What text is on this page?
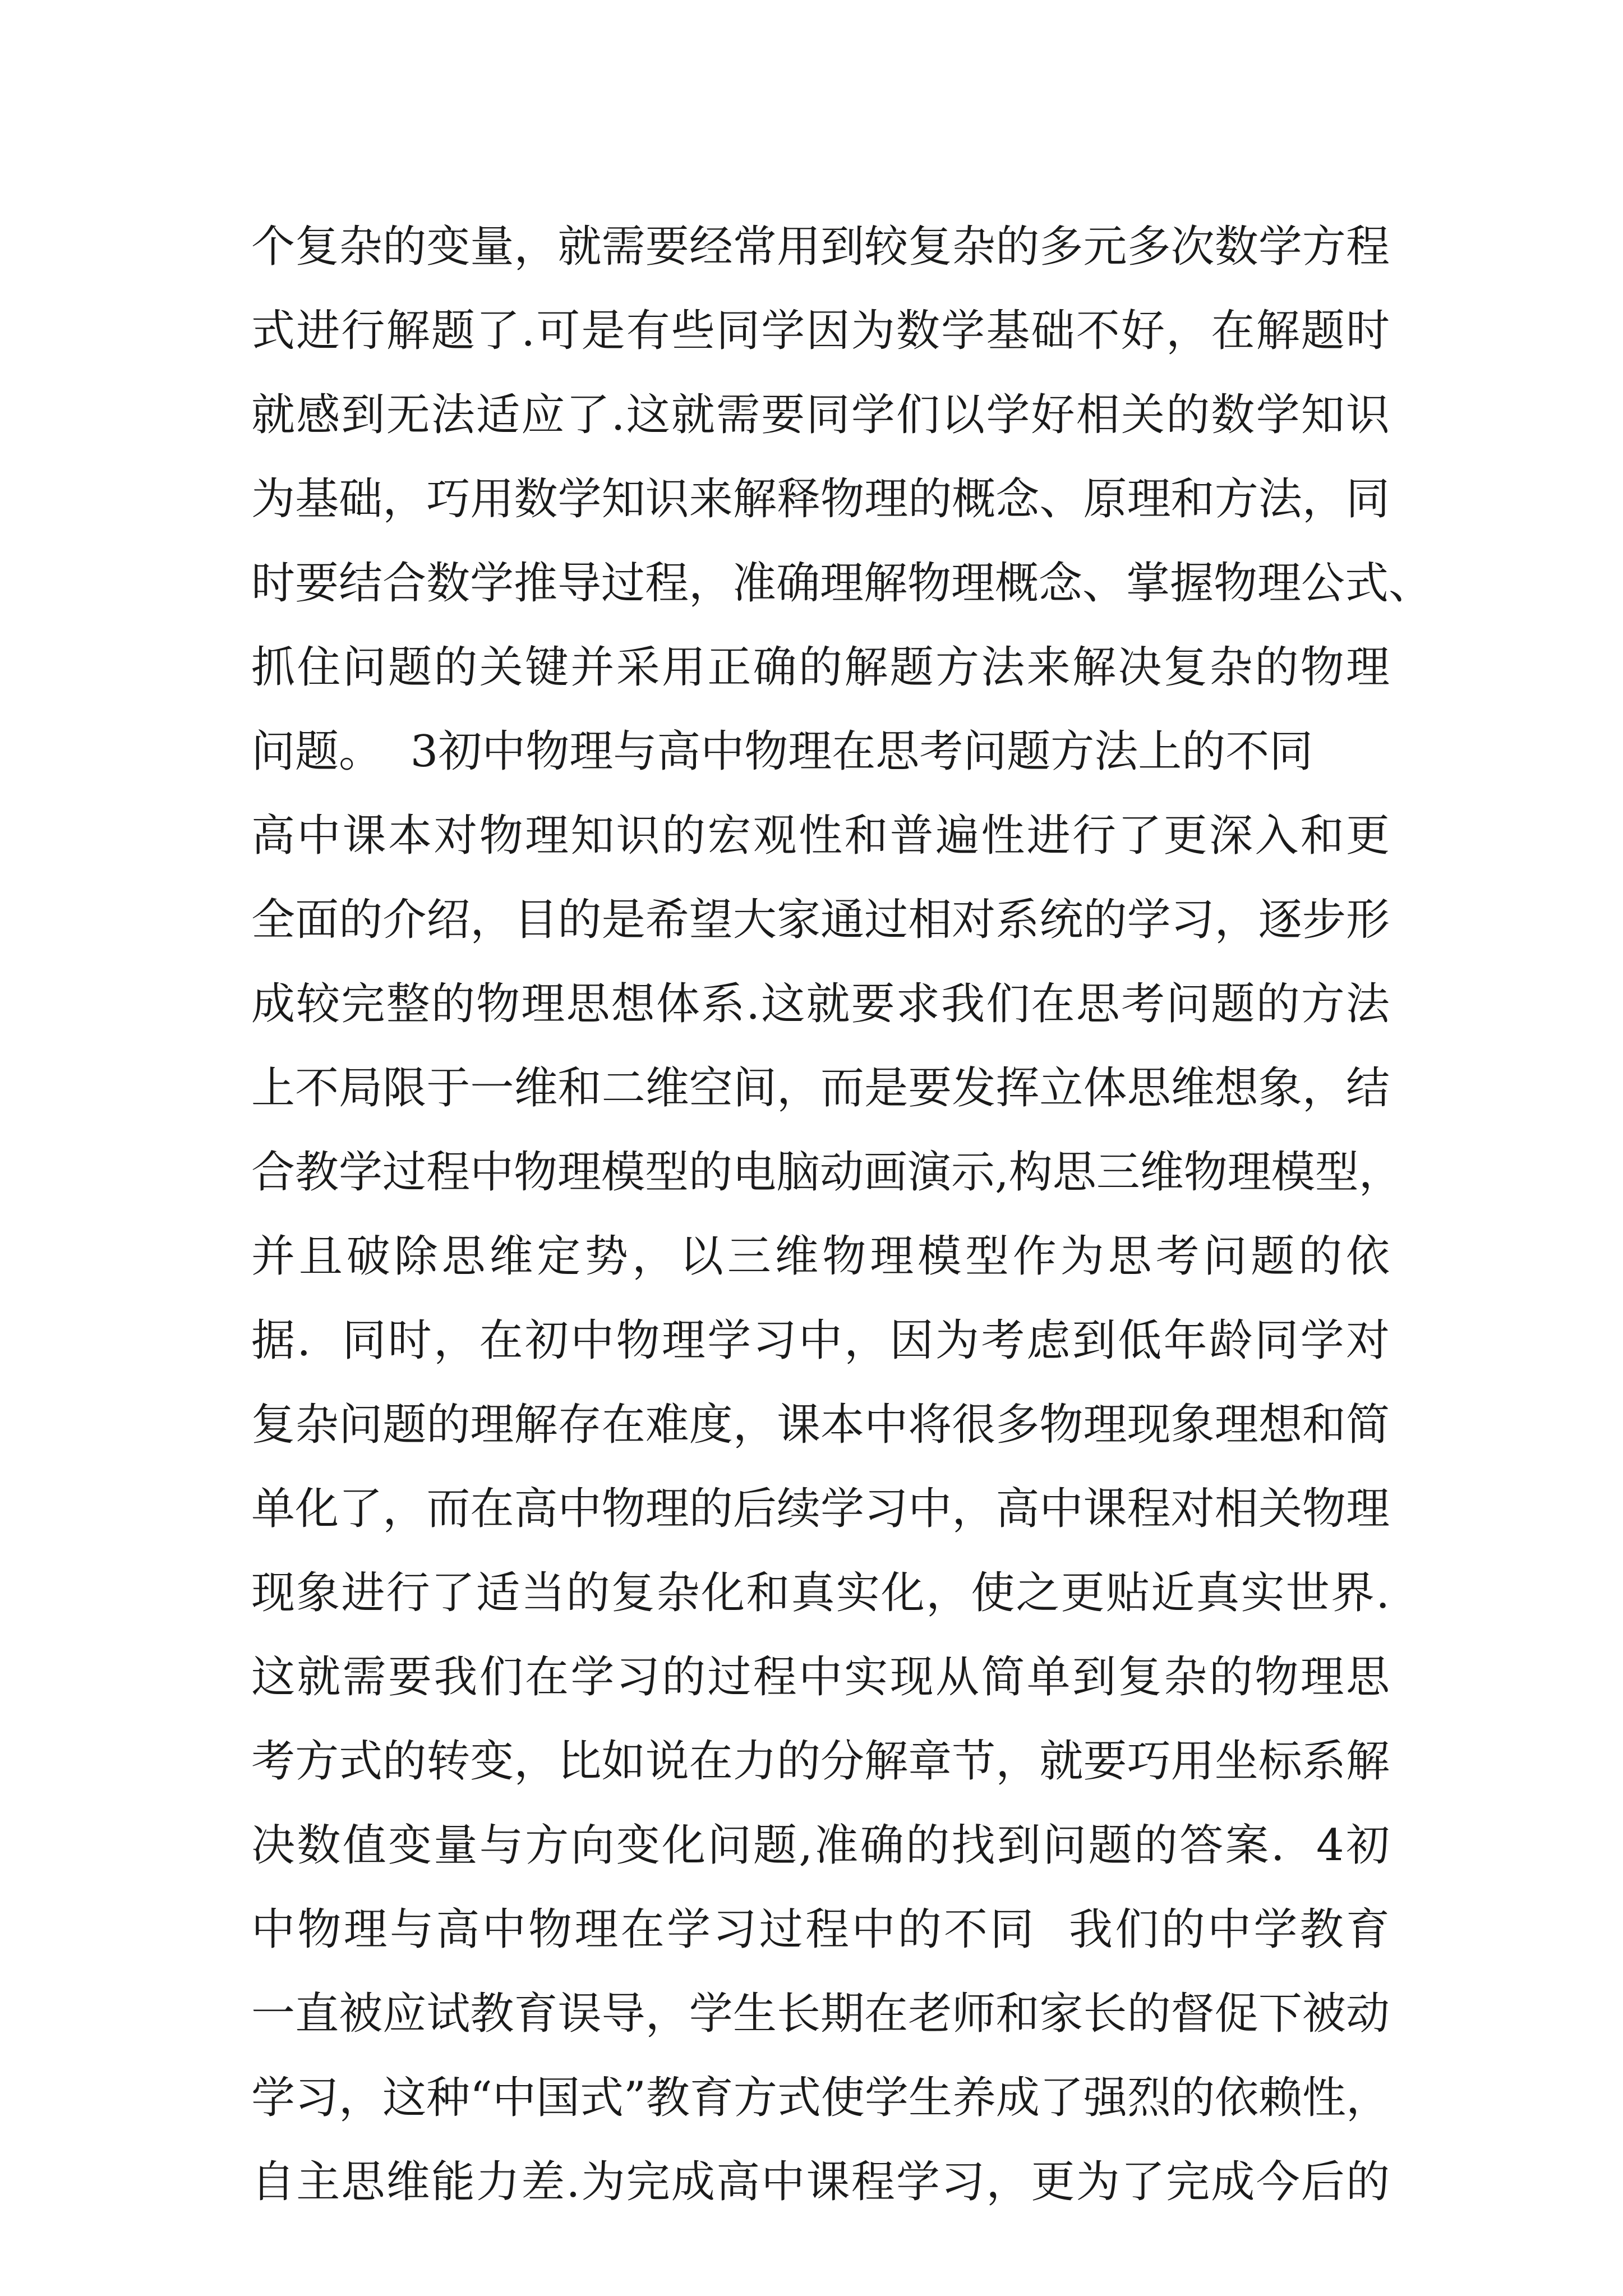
个复杂的变量，就需要经常用到较复杂的多元多次数学方程
式进行解题了.可是有些同学因为数学基础不好，在解题时
就感到无法适应了.这就需要同学们以学好相关的数学知识
为基础，巧用数学知识来解释物理的概念、原理和方法，同
时要结合数学推导过程，准确理解物理概念、掌握物理公式、
抓住问题的关键并采用正确的解题方法来解决复杂的物理
问题。  3初中物理与高中物理在思考问题方法上的不同
高中课本对物理知识的宏观性和普遍性进行了更深入和更
全面的介绍，目的是希望大家通过相对系统的学习，逐步形
成较完整的物理思想体系.这就要求我们在思考问题的方法
上不局限于一维和二维空间，而是要发挥立体思维想象，结
合教学过程中物理模型的电脑动画演示,构思三维物理模型，
并且破除思维定势，以三维物理模型作为思考问题的依
据.  同时，在初中物理学习中，因为考虑到低年龄同学对
复杂问题的理解存在难度，课本中将很多物理现象理想和简
单化了，而在高中物理的后续学习中，高中课程对相关物理
现象进行了适当的复杂化和真实化，使之更贴近真实世界.
这就需要我们在学习的过程中实现从简单到复杂的物理思
考方式的转变，比如说在力的分解章节，就要巧用坐标系解
决数值变量与方向变化问题,准确的找到问题的答案.  4初
中物理与高中物理在学习过程中的不同  我们的中学教育
一直被应试教育误导，学生长期在老师和家长的督促下被动
学习，这种“中国式”教育方式使学生养成了强烈的依赖性，
自主思维能力差.为完成高中课程学习，更为了完成今后的
